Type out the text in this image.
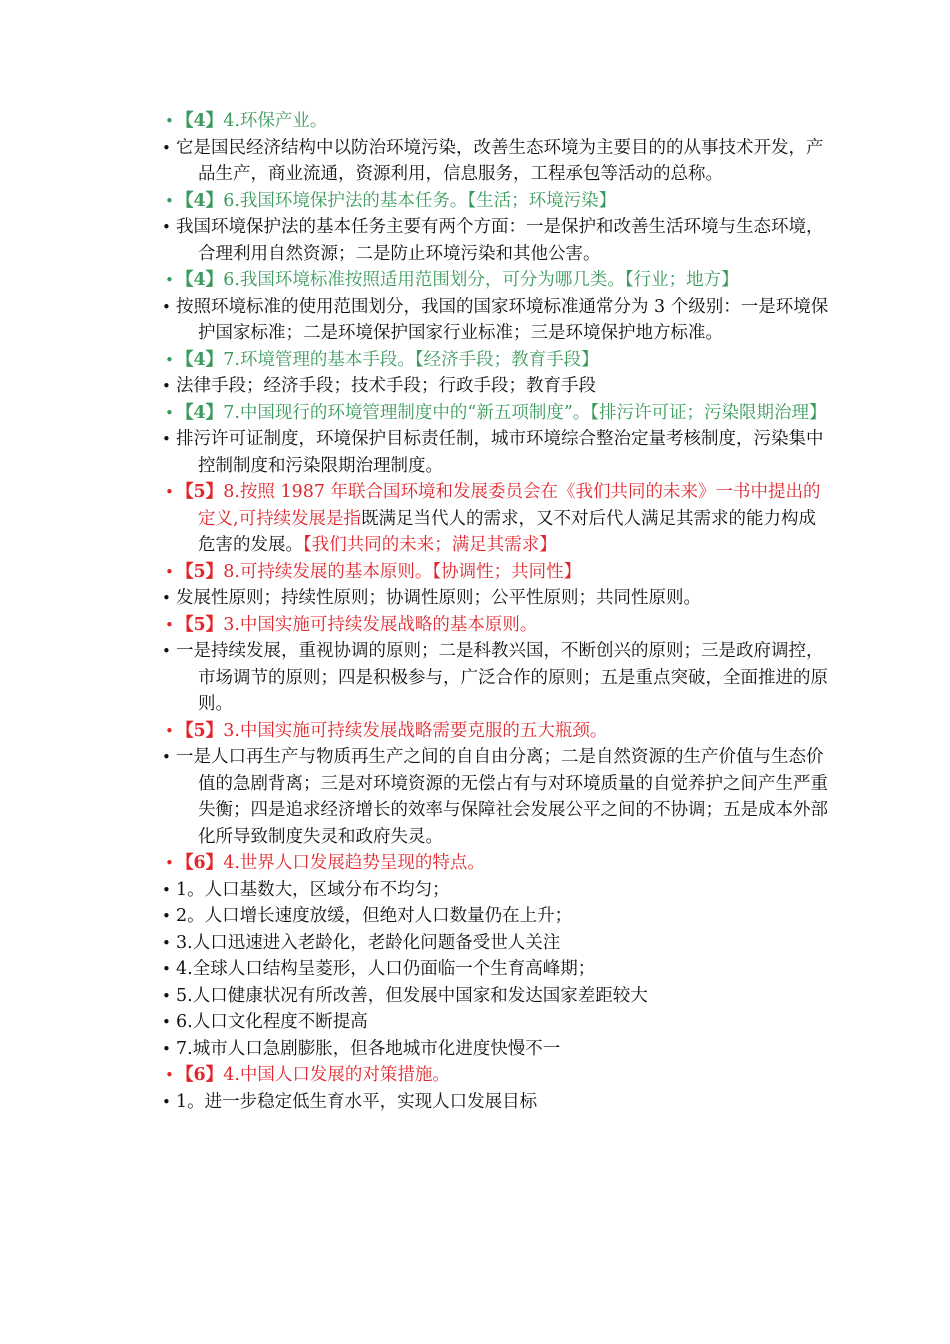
• 【4】4.环保产业。
• 它是国民经济结构中以防治环境污染，改善生态环境为主要目的的从事技术开发，产品生产，商业流通，资源利用，信息服务，工程承包等活动的总称。
• 【4】6.我国环境保护法的基本任务。【生活；环境污染】
• 我国环境保护法的基本任务主要有两个方面：一是保护和改善生活环境与生态环境，合理利用自然资源；二是防止环境污染和其他公害。
• 【4】6.我国环境标准按照适用范围划分，可分为哪几类。【行业；地方】
• 按照环境标准的使用范围划分，我国的国家环境标准通常分为 3 个级别：一是环境保护国家标准；二是环境保护国家行业标准；三是环境保护地方标准。
• 【4】7.环境管理的基本手段。【经济手段；教育手段】
• 法律手段；经济手段；技术手段；行政手段；教育手段
• 【4】7.中国现行的环境管理制度中的“新五项制度”。【排污许可证；污染限期治理】
• 排污许可证制度，环境保护目标责任制，城市环境综合整治定量考核制度，污染集中控制制度和污染限期治理制度。
• 【5】8.按照 1987 年联合国环境和发展委员会在《我们共同的未来》一书中提出的定义,可持续发展是指既满足当代人的需求，又不对后代人满足其需求的能力构成危害的发展。【我们共同的未来；满足其需求】
• 【5】8.可持续发展的基本原则。【协调性；共同性】
• 发展性原则；持续性原则；协调性原则；公平性原则；共同性原则。
• 【5】3.中国实施可持续发展战略的基本原则。
• 一是持续发展，重视协调的原则；二是科教兴国，不断创兴的原则；三是政府调控，市场调节的原则；四是积极参与，广泛合作的原则；五是重点突破，全面推进的原则。
• 【5】3.中国实施可持续发展战略需要克服的五大瓶颈。
• 一是人口再生产与物质再生产之间的自自由分离；二是自然资源的生产价值与生态价值的急剧背离；三是对环境资源的无偿占有与对环境质量的自觉养护之间产生严重失衡；四是追求经济增长的效率与保障社会发展公平之间的不协调；五是成本外部化所导致制度失灵和政府失灵。
• 【6】4.世界人口发展趋势呈现的特点。
• 1。人口基数大，区域分布不均匀；
• 2。人口增长速度放缓，但绝对人口数量仍在上升；
• 3.人口迅速进入老龄化，老龄化问题备受世人关注
• 4.全球人口结构呈菱形，人口仍面临一个生育高峰期；
• 5.人口健康状况有所改善，但发展中国家和发达国家差距较大
• 6.人口文化程度不断提高
• 7.城市人口急剧膨胀，但各地城市化进度快慢不一
• 【6】4.中国人口发展的对策措施。
• 1。进一步稳定低生育水平，实现人口发展目标
